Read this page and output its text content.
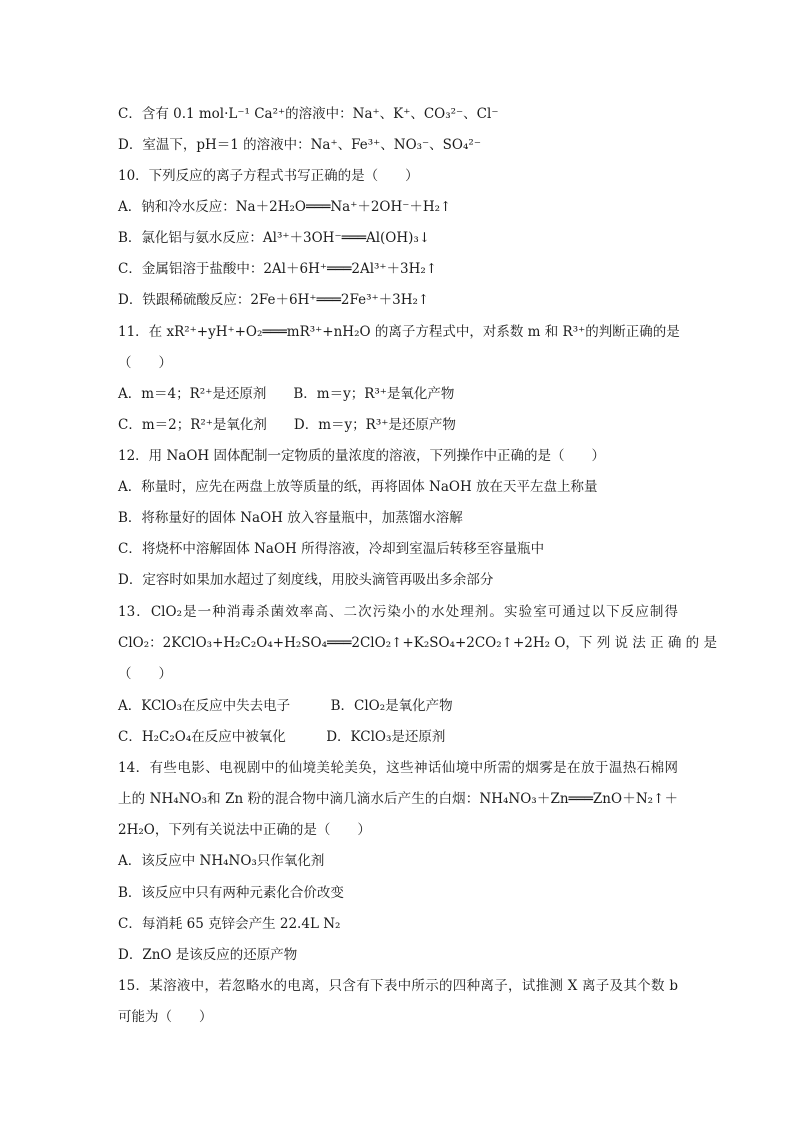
C．含有 0.1 mol·L⁻¹ Ca²⁺的溶液中：Na⁺、K⁺、CO₃²⁻、Cl⁻
D．室温下，pH＝1 的溶液中：Na⁺、Fe³⁺、NO₃⁻、SO₄²⁻
10．下列反应的离子方程式书写正确的是（　　）
A．钠和冷水反应：Na＋2H₂O═══Na⁺＋2OH⁻＋H₂↑
B．氯化铝与氨水反应：Al³⁺＋3OH⁻═══Al(OH)₃↓
C．金属铝溶于盐酸中：2Al＋6H⁺═══2Al³⁺＋3H₂↑
D．铁跟稀硫酸反应：2Fe＋6H⁺═══2Fe³⁺＋3H₂↑
11．在 xR²⁺+yH⁺+O₂═══mR³⁺+nH₂O 的离子方程式中，对系数 m 和 R³⁺的判断正确的是
（　　）
A．m＝4；R²⁺是还原剂　　B．m＝y；R³⁺是氧化产物
C．m＝2；R²⁺是氧化剂　　D．m＝y；R³⁺是还原产物
12．用 NaOH 固体配制一定物质的量浓度的溶液，下列操作中正确的是（　　）
A．称量时，应先在两盘上放等质量的纸，再将固体 NaOH 放在天平左盘上称量
B．将称量好的固体 NaOH 放入容量瓶中，加蒸馏水溶解
C．将烧杯中溶解固体 NaOH 所得溶液，冷却到室温后转移至容量瓶中
D．定容时如果加水超过了刻度线，用胶头滴管再吸出多余部分
13．ClO₂是一种消毒杀菌效率高、二次污染小的水处理剂。实验室可通过以下反应制得
ClO₂：2KClO₃+H₂C₂O₄+H₂SO₄═══2ClO₂↑+K₂SO₄+2CO₂↑+2H₂ O，下 列 说 法 正 确 的 是
（　　）
A．KClO₃在反应中失去电子　　　B．ClO₂是氧化产物
C．H₂C₂O₄在反应中被氧化　　　D．KClO₃是还原剂
14．有些电影、电视剧中的仙境美轮美奂，这些神话仙境中所需的烟雾是在放于温热石棉网
上的 NH₄NO₃和 Zn 粉的混合物中滴几滴水后产生的白烟：NH₄NO₃＋Zn═══ZnO＋N₂↑＋
2H₂O，下列有关说法中正确的是（　　）
A．该反应中 NH₄NO₃只作氧化剂
B．该反应中只有两种元素化合价改变
C．每消耗 65 克锌会产生 22.4L N₂
D．ZnO 是该反应的还原产物
15．某溶液中，若忽略水的电离，只含有下表中所示的四种离子，试推测 X 离子及其个数 b
可能为（　　）
